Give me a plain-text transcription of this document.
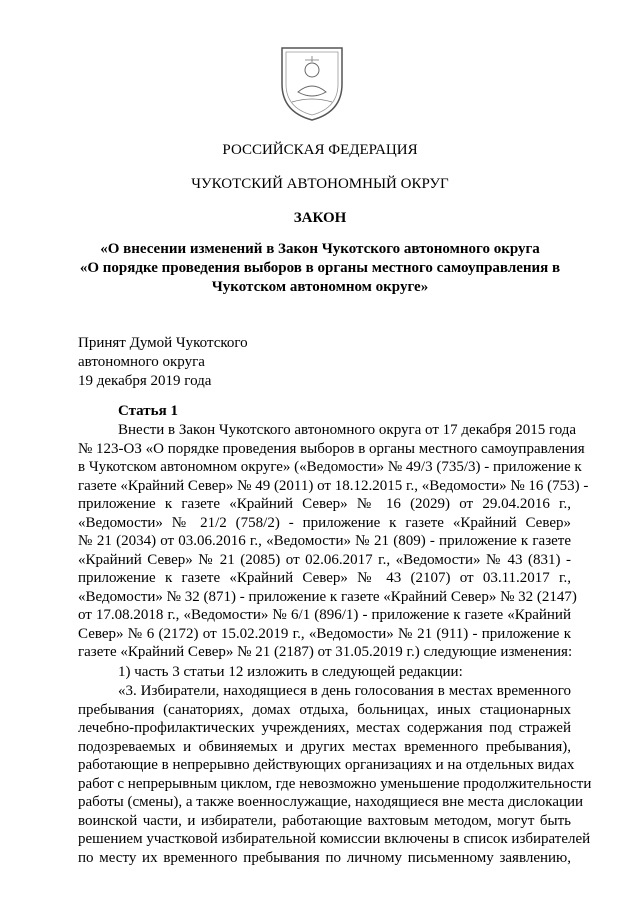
РОССИЙСКАЯ ФЕДЕРАЦИЯ
ЧУКОТСКИЙ АВТОНОМНЫЙ ОКРУГ
ЗАКОН
«О внесении изменений в Закон Чукотского автономного округа
«О порядке проведения выборов в органы местного самоуправления в
Чукотском автономном округе»
Принят Думой Чукотского
автономного округа
19 декабря 2019 года
Статья 1
Внести в Закон Чукотского автономного округа от 17 декабря 2015 года
№ 123-ОЗ «О порядке проведения выборов в органы местного самоуправления
в Чукотском автономном округе» («Ведомости» № 49/3 (735/3) - приложение к
газете «Крайний Север» № 49 (2011) от 18.12.2015 г., «Ведомости» № 16 (753) -
приложение к газете «Крайний Север» № 16 (2029) от 29.04.2016 г.,
«Ведомости» № 21/2 (758/2) - приложение к газете «Крайний Север»
№ 21 (2034) от 03.06.2016 г., «Ведомости» № 21 (809) - приложение к газете
«Крайний Север» № 21 (2085) от 02.06.2017 г., «Ведомости» № 43 (831) -
приложение к газете «Крайний Север» № 43 (2107) от 03.11.2017 г.,
«Ведомости» № 32 (871) - приложение к газете «Крайний Север» № 32 (2147)
от 17.08.2018 г., «Ведомости» № 6/1 (896/1) - приложение к газете «Крайний
Север» № 6 (2172) от 15.02.2019 г., «Ведомости» № 21 (911) - приложение к
газете «Крайний Север» № 21 (2187) от 31.05.2019 г.) следующие изменения:
1) часть 3 статьи 12 изложить в следующей редакции:
«3. Избиратели, находящиеся в день голосования в местах временного
пребывания (санаториях, домах отдыха, больницах, иных стационарных
лечебно-профилактических учреждениях, местах содержания под стражей
подозреваемых и обвиняемых и других местах временного пребывания),
работающие в непрерывно действующих организациях и на отдельных видах
работ с непрерывным циклом, где невозможно уменьшение продолжительности
работы (смены), а также военнослужащие, находящиеся вне места дислокации
воинской части, и избиратели, работающие вахтовым методом, могут быть
решением участковой избирательной комиссии включены в список избирателей
по месту их временного пребывания по личному письменному заявлению,
